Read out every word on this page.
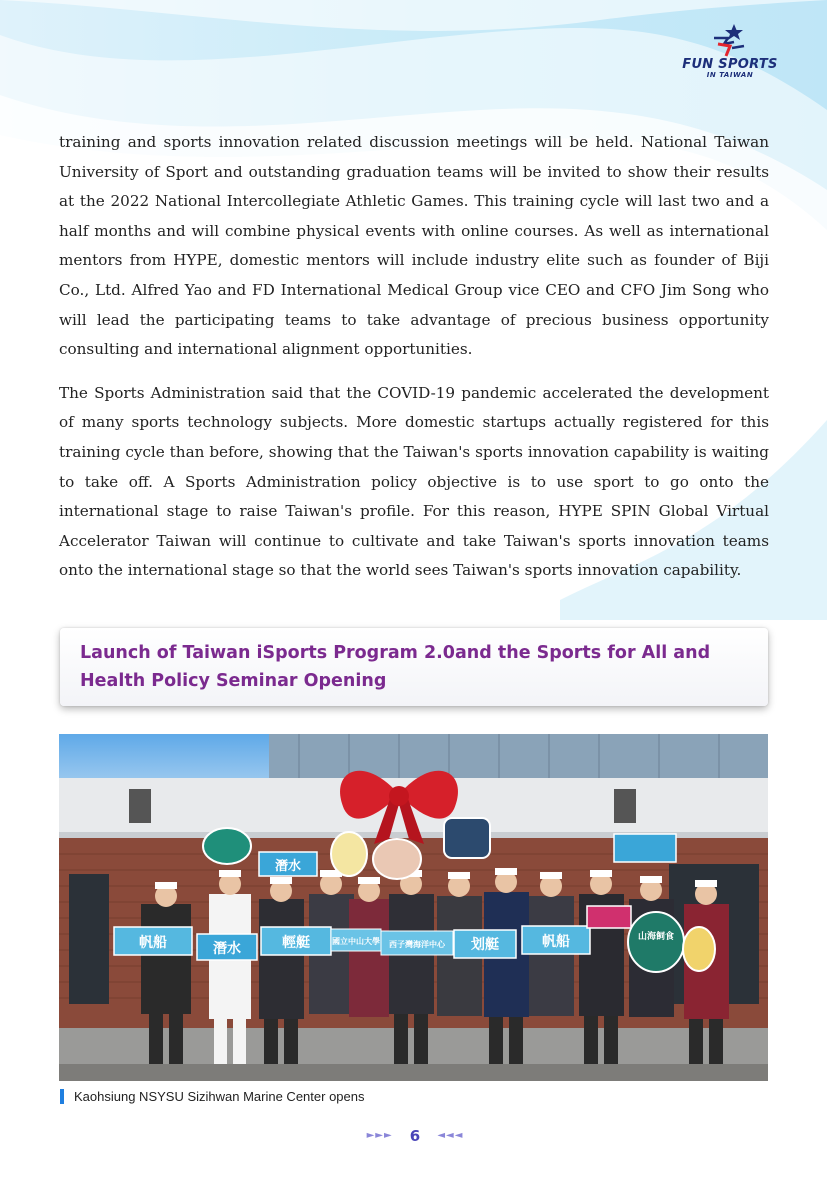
FUN SPORTS
IN TAIWAN

training and sports innovation related discussion meetings will be held. National Taiwan University of Sport and outstanding graduation teams will be invited to show their results at the 2022 National Intercollegiate Athletic Games. This training cycle will last two and a half months and will combine physical events with online courses. As well as international mentors from HYPE, domestic mentors will include industry elite such as founder of Biji Co., Ltd. Alfred Yao and FD International Medical Group vice CEO and CFO Jim Song who will lead the participating teams to take advantage of precious business opportunity consulting and international alignment opportunities.

The Sports Administration said that the COVID-19 pandemic accelerated the development of many sports technology subjects. More domestic startups actually registered for this training cycle than before, showing that the Taiwan's sports innovation capability is waiting to take off. A Sports Administration policy objective is to use sport to go onto the international stage to raise Taiwan's profile. For this reason, HYPE SPIN Global Virtual Accelerator Taiwan will continue to cultivate and take Taiwan's sports innovation teams onto the international stage so that the world sees Taiwan's sports innovation capability.

Launch of Taiwan iSports Program 2.0and the Sports for All and Health Policy Seminar Opening
帆船	潛水	輕艇	國立中山大學 西子灣海洋中心 划艇	帆船
潛水
山海飼食
Kaohsiung NSYSU Sizihwan Marine Center opens
►►► 6 ◄◄◄
